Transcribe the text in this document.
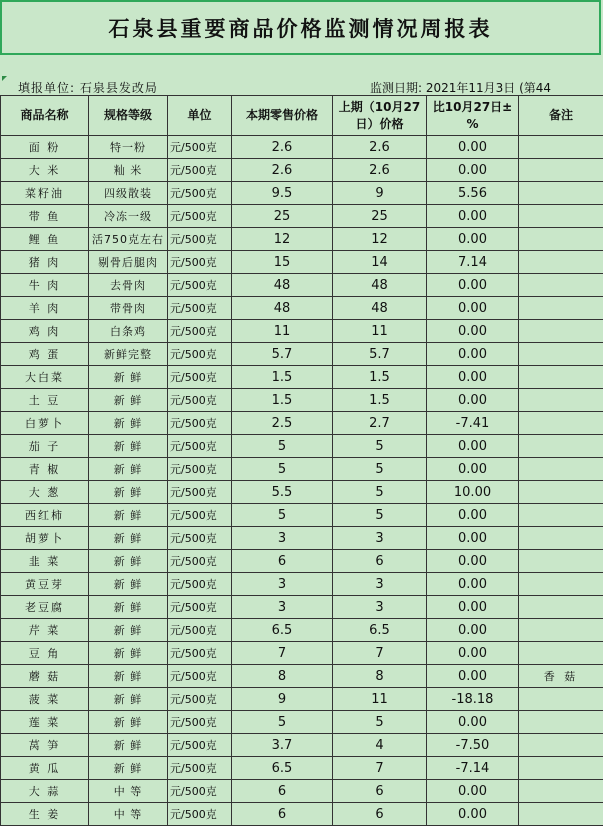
石泉县重要商品价格监测情况周报表
填报单位: 石泉县发改局	监测日期: 2021年11月3日 (第44
商品名称	规格等级	单位	本期零售价格	上期（10月27日）价格	比10月27日± %	备注
面 粉	特一粉	元/500克	2.6	2.6	0.00	
大 米	籼 米	元/500克	2.6	2.6	0.00	
菜籽油	四级散装	元/500克	9.5	9	5.56	
带 鱼	冷冻一级	元/500克	25	25	0.00	
鲤 鱼	活750克左右	元/500克	12	12	0.00	
猪 肉	剔骨后腿肉	元/500克	15	14	7.14	
牛 肉	去骨肉	元/500克	48	48	0.00	
羊 肉	带骨肉	元/500克	48	48	0.00	
鸡 肉	白条鸡	元/500克	11	11	0.00	
鸡 蛋	新鲜完整	元/500克	5.7	5.7	0.00	
大白菜	新 鲜	元/500克	1.5	1.5	0.00	
土 豆	新 鲜	元/500克	1.5	1.5	0.00	
白萝卜	新 鲜	元/500克	2.5	2.7	-7.41	
茄 子	新 鲜	元/500克	5	5	0.00	
青 椒	新 鲜	元/500克	5	5	0.00	
大 葱	新 鲜	元/500克	5.5	5	10.00	
西红柿	新 鲜	元/500克	5	5	0.00	
胡萝卜	新 鲜	元/500克	3	3	0.00	
韭 菜	新 鲜	元/500克	6	6	0.00	
黄豆芽	新 鲜	元/500克	3	3	0.00	
老豆腐	新 鲜	元/500克	3	3	0.00	
芹 菜	新 鲜	元/500克	6.5	6.5	0.00	
豆 角	新 鲜	元/500克	7	7	0.00	
蘑 菇	新 鲜	元/500克	8	8	0.00	香 菇
菠 菜	新 鲜	元/500克	9	11	-18.18	
莲 菜	新 鲜	元/500克	5	5	0.00	
莴 笋	新 鲜	元/500克	3.7	4	-7.50	
黄 瓜	新 鲜	元/500克	6.5	7	-7.14	
大 蒜	中 等	元/500克	6	6	0.00	
生 姜	中 等	元/500克	6	6	0.00	
